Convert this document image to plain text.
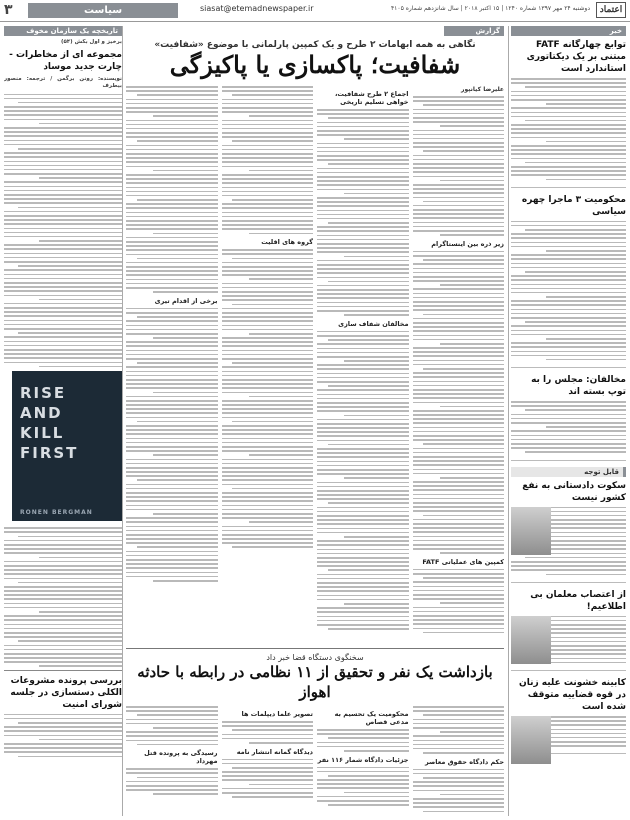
اعتماد
دوشنبه ۲۴ مهر ۱۳۹۷ شماره ۱۲۴۰ | ۱۵ اکتبر ۲۰۱۸ | سال شانزدهم شماره ۴۱۰۵
siasat@etemadnewspaper.ir
سیاست
۳
خبر
توابع چهارگانه FATF مبتنی بر یک دیکتاتوری استاندارد است
محکومیت ۳ ماجرا چهره سیاسی
مخالفان: مجلس را به توپ بسته اند
قابل توجه
سکوت دادستانی به نفع کشور نیست
از اعتصاب معلمان بی اطلاعیم!
کابینه خشونت علیه زنان در قوه قضاییه متوقف شده است
گزارش
نگاهی به همه ابهامات ۲ طرح و یک کمپین پارلمانی با موضوع «شفافیت»
شفافیت؛ پاکسازی یا پاکیزگی
علیرضا کیانپور
زیر ذره بین اینستاگرام
کمپین های عملیاتی FATF
اجماع ۲ طرح شفافیت، خواهی تسلیم تاریخی
مخالفان شفاف سازی
گروه های اقلیت
برخی از اقدام تیری
سخنگوی دستگاه قضا خبر داد
بازداشت یک نفر و تحقیق از ۱۱ نظامی در رابطه با حادثه اهواز
حکم دادگاه حقوق معاصر
محکومیت یک تحسیم به مدعی قصاص
جزئیات دادگاه شمار ۱۱۶ نفر
تصویر علما دیپلمات ها
دیدگاه گمانه انتشار نامه
رسیدگی به پرونده قتل مهرداد
تاریخچه یک سازمان مخوف
برخیز و اول بکش (۵۴)
مجموعه ای از مخاطرات - چارت جدید موساد
نویسنده: رونن برگمن / ترجمه: منصور بیطرف
RISE AND KILL FIRST
RONEN BERGMAN
بررسی پرونده مشروعات الکلی دستسازی در جلسه شورای امنیت
